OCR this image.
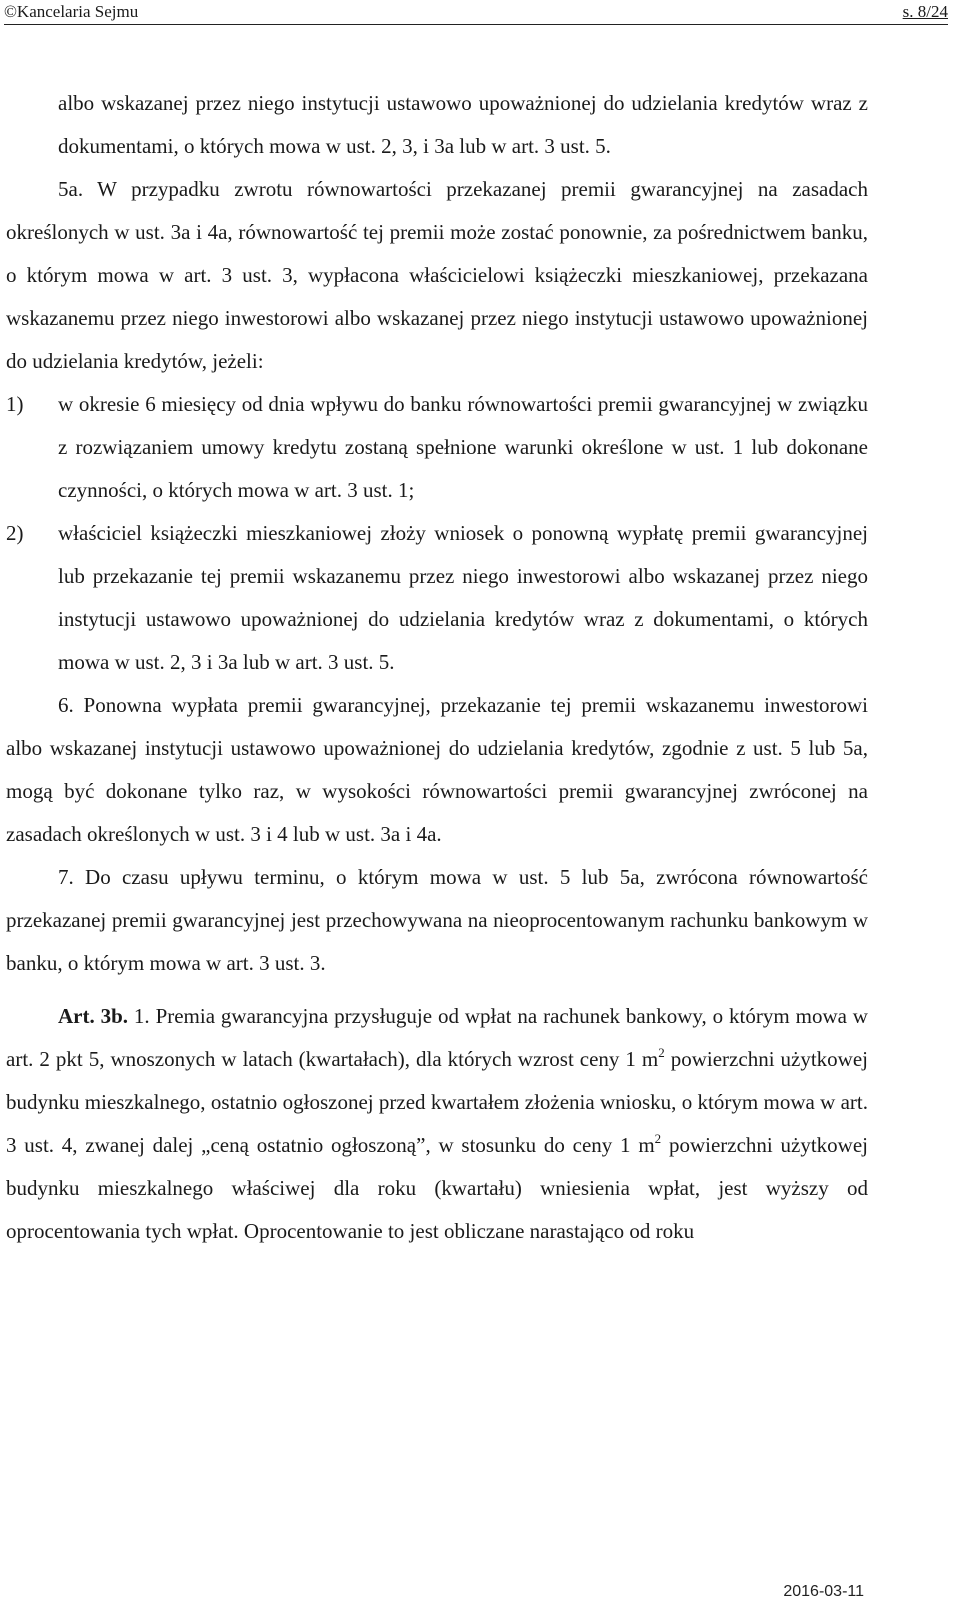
©Kancelaria Sejmu	s. 8/24

albo wskazanej przez niego instytucji ustawowo upoważnionej do udzielania kredytów wraz z dokumentami, o których mowa w ust. 2, 3, i 3a lub w art. 3 ust. 5.

5a. W przypadku zwrotu równowartości przekazanej premii gwarancyjnej na zasadach określonych w ust. 3a i 4a, równowartość tej premii może zostać ponownie, za pośrednictwem banku, o którym mowa w art. 3 ust. 3, wypłacona właścicielowi książeczki mieszkaniowej, przekazana wskazanemu przez niego inwestorowi albo wskazanej przez niego instytucji ustawowo upoważnionej do udzielania kredytów, jeżeli:

1) w okresie 6 miesięcy od dnia wpływu do banku równowartości premii gwarancyjnej w związku z rozwiązaniem umowy kredytu zostaną spełnione warunki określone w ust. 1 lub dokonane czynności, o których mowa w art. 3 ust. 1;
2) właściciel książeczki mieszkaniowej złoży wniosek o ponowną wypłatę premii gwarancyjnej lub przekazanie tej premii wskazanemu przez niego inwestorowi albo wskazanej przez niego instytucji ustawowo upoważnionej do udzielania kredytów wraz z dokumentami, o których mowa w ust. 2, 3 i 3a lub w art. 3 ust. 5.

6. Ponowna wypłata premii gwarancyjnej, przekazanie tej premii wskazanemu inwestorowi albo wskazanej instytucji ustawowo upoważnionej do udzielania kredytów, zgodnie z ust. 5 lub 5a, mogą być dokonane tylko raz, w wysokości równowartości premii gwarancyjnej zwróconej na zasadach określonych w ust. 3 i 4 lub w ust. 3a i 4a.

7. Do czasu upływu terminu, o którym mowa w ust. 5 lub 5a, zwrócona równowartość przekazanej premii gwarancyjnej jest przechowywana na nieoprocentowanym rachunku bankowym w banku, o którym mowa w art. 3 ust. 3.

Art. 3b. 1. Premia gwarancyjna przysługuje od wpłat na rachunek bankowy, o którym mowa w art. 2 pkt 5, wnoszonych w latach (kwartałach), dla których wzrost ceny 1 $m^2$ powierzchni użytkowej budynku mieszkalnego, ostatnio ogłoszonej przed kwartałem złożenia wniosku, o którym mowa w art. 3 ust. 4, zwanej dalej „ceną ostatnio ogłoszoną”, w stosunku do ceny 1 $m^2$ powierzchni użytkowej budynku mieszkalnego właściwej dla roku (kwartału) wniesienia wpłat, jest wyższy od oprocentowania tych wpłat. Oprocentowanie to jest obliczane narastająco od roku

2016-03-11
